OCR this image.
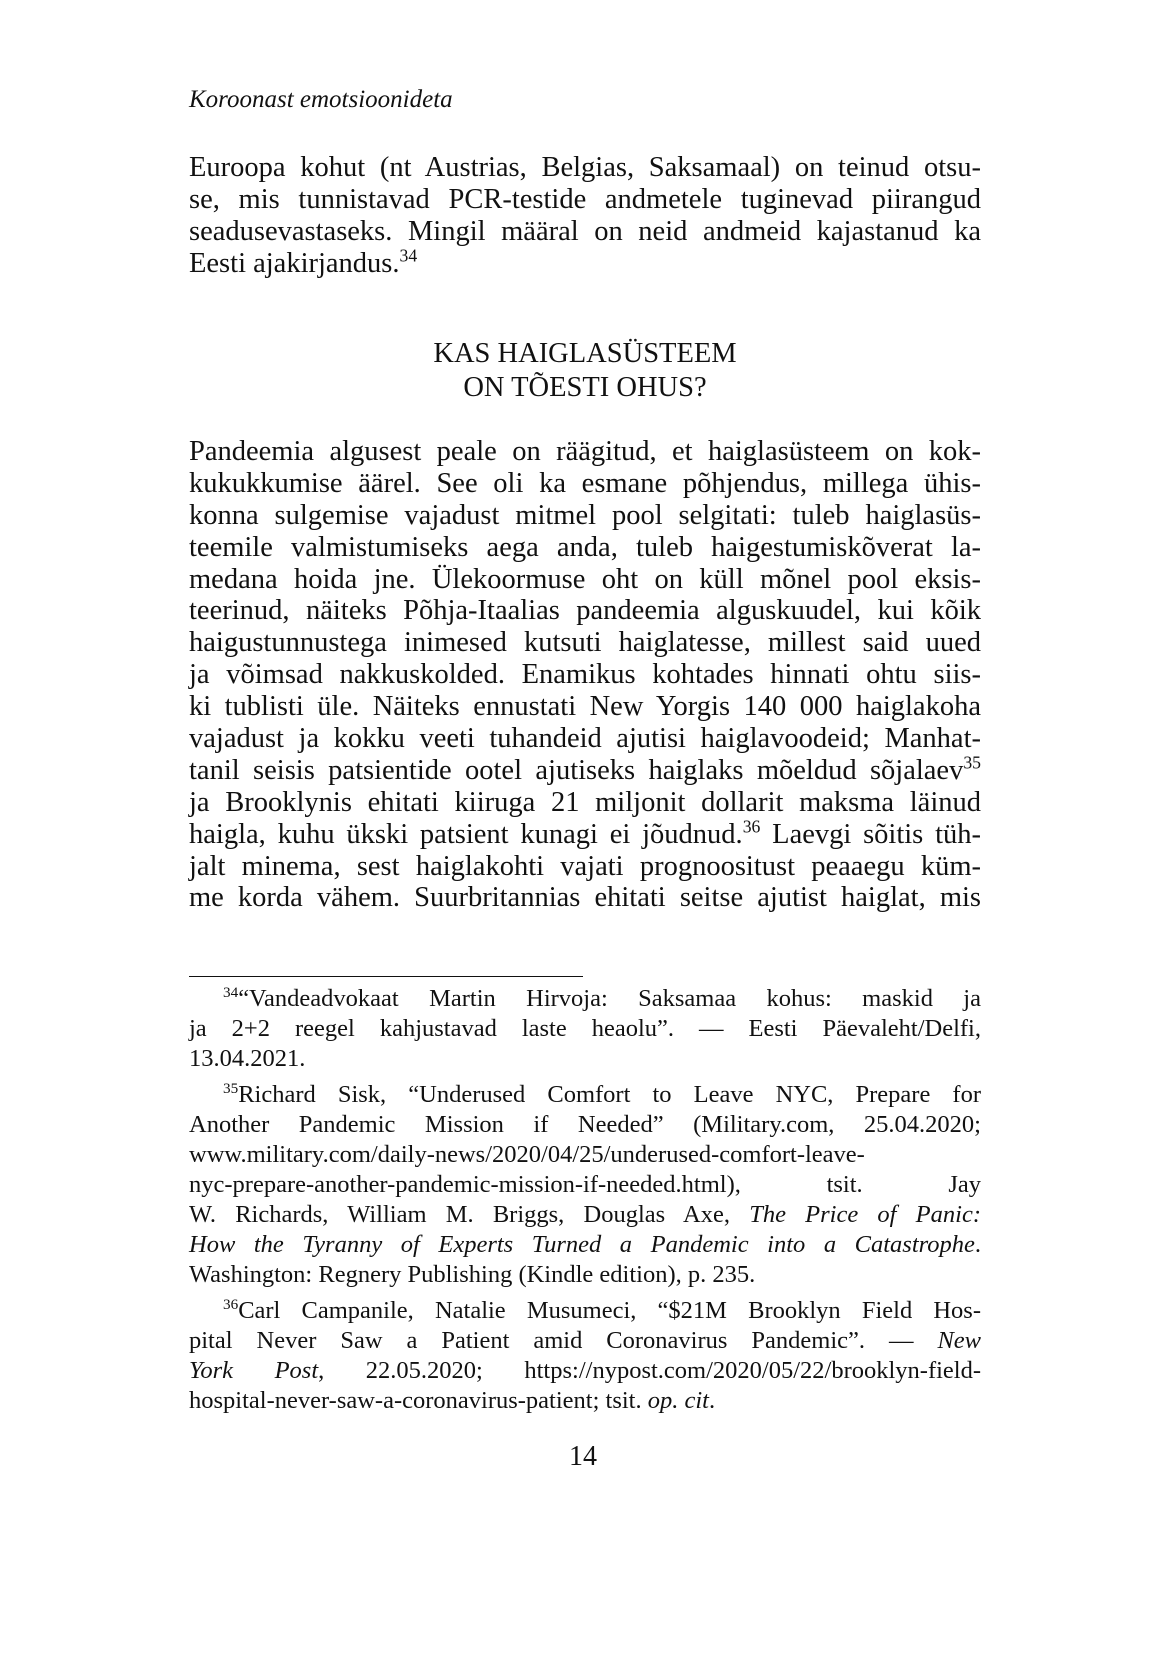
Koroonast emotsioonideta
Euroopa kohut (nt Austrias, Belgias, Saksamaal) on teinud otsu-
se, mis tunnistavad PCR-testide andmetele tuginevad piirangud
seadusevastaseks. Mingil määral on neid andmeid kajastanud ka
Eesti ajakirjandus.$^{34}$
KAS HAIGLASÜSTEEM
ON TÕESTI OHUS?
Pandeemia algusest peale on räägitud, et haiglasüsteem on kok-
kukukkumise äärel. See oli ka esmane põhjendus, millega ühis-
konna sulgemise vajadust mitmel pool selgitati: tuleb haiglasüs-
teemile valmistumiseks aega anda, tuleb haigestumiskõverat la-
medana hoida jne. Ülekoormuse oht on küll mõnel pool eksis-
teerinud, näiteks Põhja-Itaalias pandeemia alguskuudel, kui kõik
haigustunnustega inimesed kutsuti haiglatesse, millest said uued
ja võimsad nakkuskolded. Enamikus kohtades hinnati ohtu siis-
ki tublisti üle. Näiteks ennustati New Yorgis 140 000 haiglakoha
vajadust ja kokku veeti tuhandeid ajutisi haiglavoodeid; Manhat-
tanil seisis patsientide ootel ajutiseks haiglaks mõeldud sõjalaev$^{35}$
ja Brooklynis ehitati kiiruga 21 miljonit dollarit maksma läinud
haigla, kuhu ükski patsient kunagi ei jõudnud.$^{36}$ Laevgi sõitis tüh-
jalt minema, sest haiglakohti vajati prognoositust peaaegu küm-
me korda vähem. Suurbritannias ehitati seitse ajutist haiglat, mis
$^{34}$“Vandeadvokaat Martin Hirvoja: Saksamaa kohus: maskid ja
ja 2+2 reegel kahjustavad laste heaolu”. — Eesti Päevaleht/Delfi,
13.04.2021.
$^{35}$Richard Sisk, “Underused Comfort to Leave NYC, Prepare for
Another Pandemic Mission if Needed” (Military.com, 25.04.2020;
www.military.com/daily-news/2020/04/25/underused-comfort-leave-
nyc-prepare-another-pandemic-mission-if-needed.html), tsit. Jay
W. Richards, William M. Briggs, Douglas Axe, The Price of Panic:
How the Tyranny of Experts Turned a Pandemic into a Catastrophe.
Washington: Regnery Publishing (Kindle edition), p. 235.
$^{36}$Carl Campanile, Natalie Musumeci, “$21M Brooklyn Field Hos-
pital Never Saw a Patient amid Coronavirus Pandemic”. — New
York Post, 22.05.2020; https://nypost.com/2020/05/22/brooklyn-field-
hospital-never-saw-a-coronavirus-patient; tsit. op. cit.
14
